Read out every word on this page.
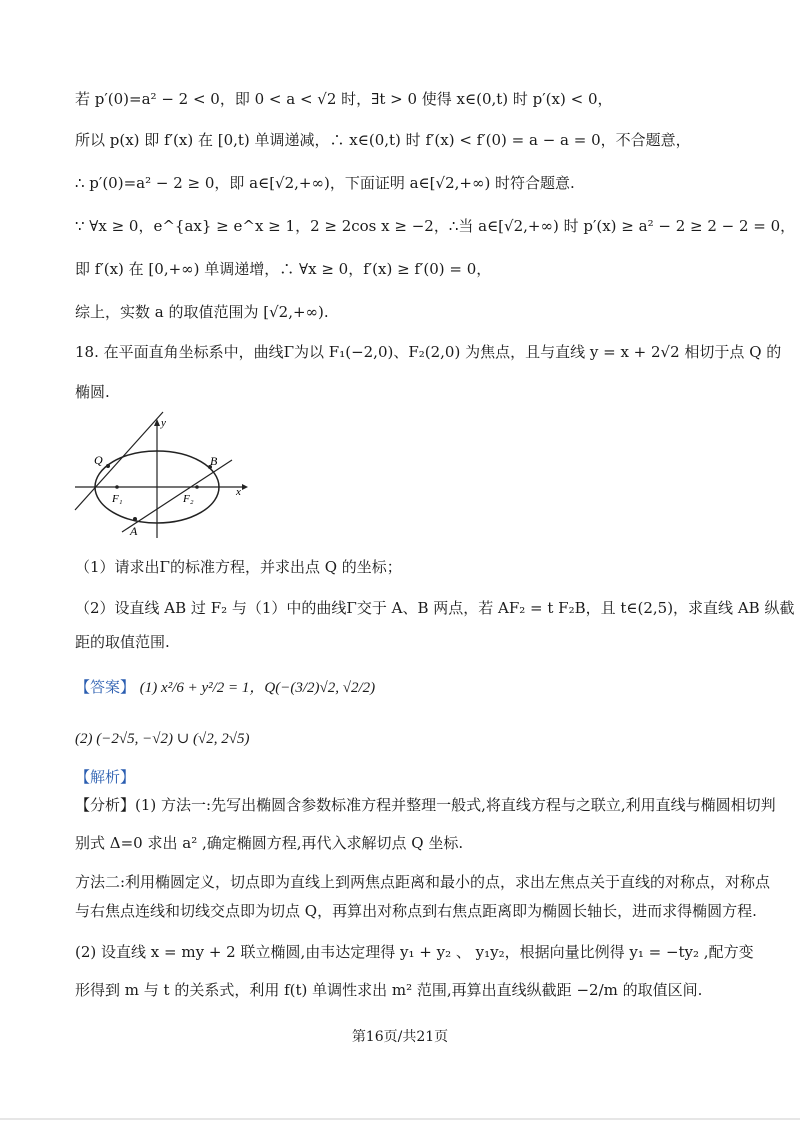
若 p′(0)=a² − 2 < 0，即 0 < a < √2 时，∃t > 0 使得 x∈(0,t) 时 p′(x) < 0，
所以 p(x) 即 f′(x) 在 [0,t) 单调递减，∴ x∈(0,t) 时 f′(x) < f′(0) = a − a = 0，不合题意，
∴ p′(0)=a² − 2 ≥ 0，即 a∈[√2,+∞)，下面证明 a∈[√2,+∞) 时符合题意.
∵ ∀x ≥ 0，e^{ax} ≥ e^x ≥ 1，2 ≥ 2cos x ≥ −2，∴当 a∈[√2,+∞) 时 p′(x) ≥ a² − 2 ≥ 2 − 2 = 0，
即 f′(x) 在 [0,+∞) 单调递增，∴ ∀x ≥ 0，f′(x) ≥ f′(0) = 0，
综上，实数 a 的取值范围为 [√2,+∞).
18. 在平面直角坐标系中，曲线Γ为以 F₁(−2,0)、F₂(2,0) 为焦点，且与直线 y = x + 2√2 相切于点 Q 的
椭圆.
y
x
Q	B
A
F₁	F₂
（1）请求出Γ的标准方程，并求出点 Q 的坐标；
（2）设直线 AB 过 F₂ 与（1）中的曲线Γ交于 A、B 两点，若 AF₂ = t F₂B，且 t∈(2,5)，求直线 AB 纵截
距的取值范围.
【答案】 (1) x²/6 + y²/2 = 1，Q(−(3/2)√2, √2/2)
(2) (−2√5, −√2) ∪ (√2, 2√5)
【解析】
【分析】(1) 方法一:先写出椭圆含参数标准方程并整理一般式,将直线方程与之联立,利用直线与椭圆相切判
别式 Δ=0 求出 a² ,确定椭圆方程,再代入求解切点 Q 坐标.
方法二:利用椭圆定义，切点即为直线上到两焦点距离和最小的点，求出左焦点关于直线的对称点，对称点
与右焦点连线和切线交点即为切点 Q，再算出对称点到右焦点距离即为椭圆长轴长，进而求得椭圆方程.
(2) 设直线 x = my + 2 联立椭圆,由韦达定理得 y₁ + y₂ 、 y₁y₂，根据向量比例得 y₁ = −ty₂ ,配方变
形得到 m 与 t 的关系式，利用 f(t) 单调性求出 m² 范围,再算出直线纵截距 −2/m 的取值区间.
第16页/共21页
